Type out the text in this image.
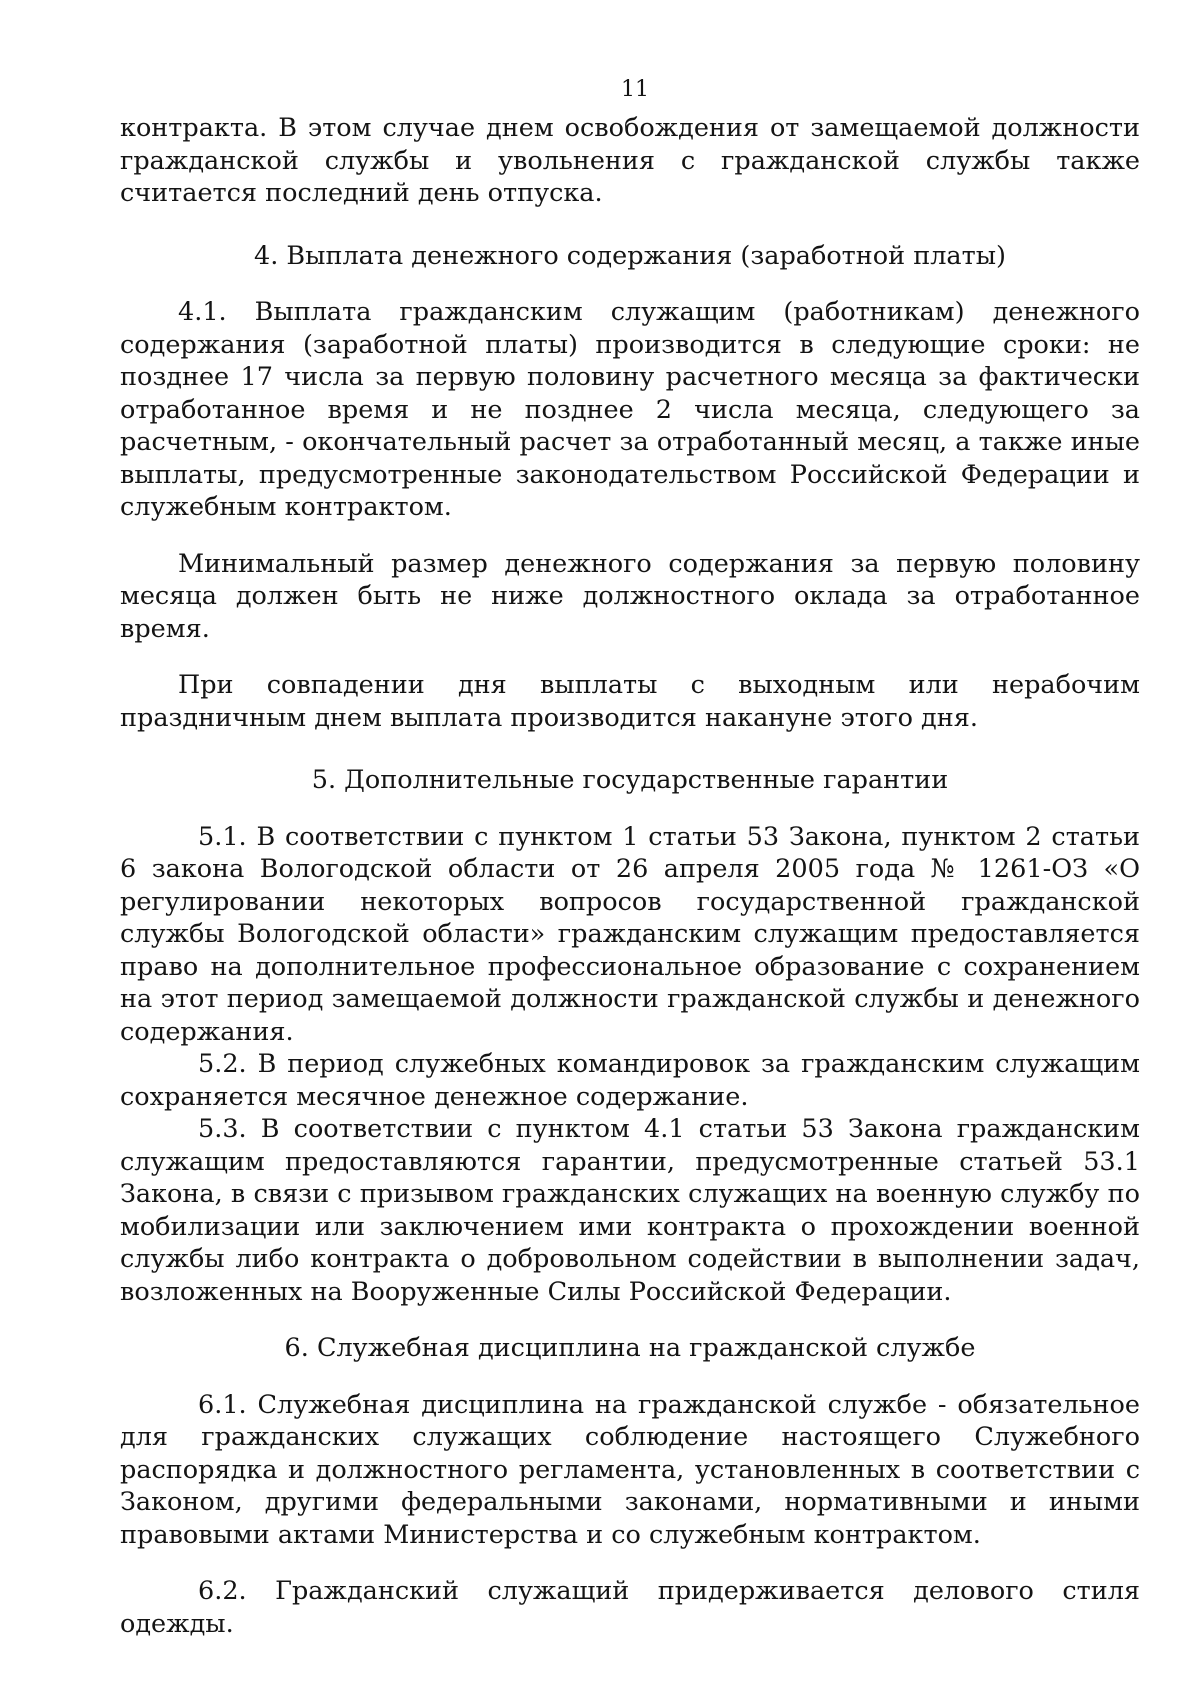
11

контракта. В этом случае днем освобождения от замещаемой должности гражданской службы и увольнения с гражданской службы также считается последний день отпуска.

4. Выплата денежного содержания (заработной платы)

4.1. Выплата гражданским служащим (работникам) денежного содержания (заработной платы) производится в следующие сроки: не позднее 17 числа за первую половину расчетного месяца за фактически отработанное время и не позднее 2 числа месяца, следующего за расчетным, - окончательный расчет за отработанный месяц, а также иные выплаты, предусмотренные законодательством Российской Федерации и служебным контрактом.

Минимальный размер денежного содержания за первую половину месяца должен быть не ниже должностного оклада за отработанное время.

При совпадении дня выплаты с выходным или нерабочим праздничным днем выплата производится накануне этого дня.

5. Дополнительные государственные гарантии

5.1. В соответствии с пунктом 1 статьи 53 Закона, пунктом 2 статьи 6 закона Вологодской области от 26 апреля 2005 года № 1261-ОЗ «О регулировании некоторых вопросов государственной гражданской службы Вологодской области» гражданским служащим предоставляется право на дополнительное профессиональное образование с сохранением на этот период замещаемой должности гражданской службы и денежного содержания.

5.2. В период служебных командировок за гражданским служащим сохраняется месячное денежное содержание.

5.3. В соответствии с пунктом 4.1 статьи 53 Закона гражданским служащим предоставляются гарантии, предусмотренные статьей 53.1 Закона, в связи с призывом гражданских служащих на военную службу по мобилизации или заключением ими контракта о прохождении военной службы либо контракта о добровольном содействии в выполнении задач, возложенных на Вооруженные Силы Российской Федерации.

6. Служебная дисциплина на гражданской службе

6.1. Служебная дисциплина на гражданской службе - обязательное для гражданских служащих соблюдение настоящего Служебного распорядка и должностного регламента, установленных в соответствии с Законом, другими федеральными законами, нормативными и иными правовыми актами Министерства и со служебным контрактом.

6.2. Гражданский служащий придерживается делового стиля одежды.
